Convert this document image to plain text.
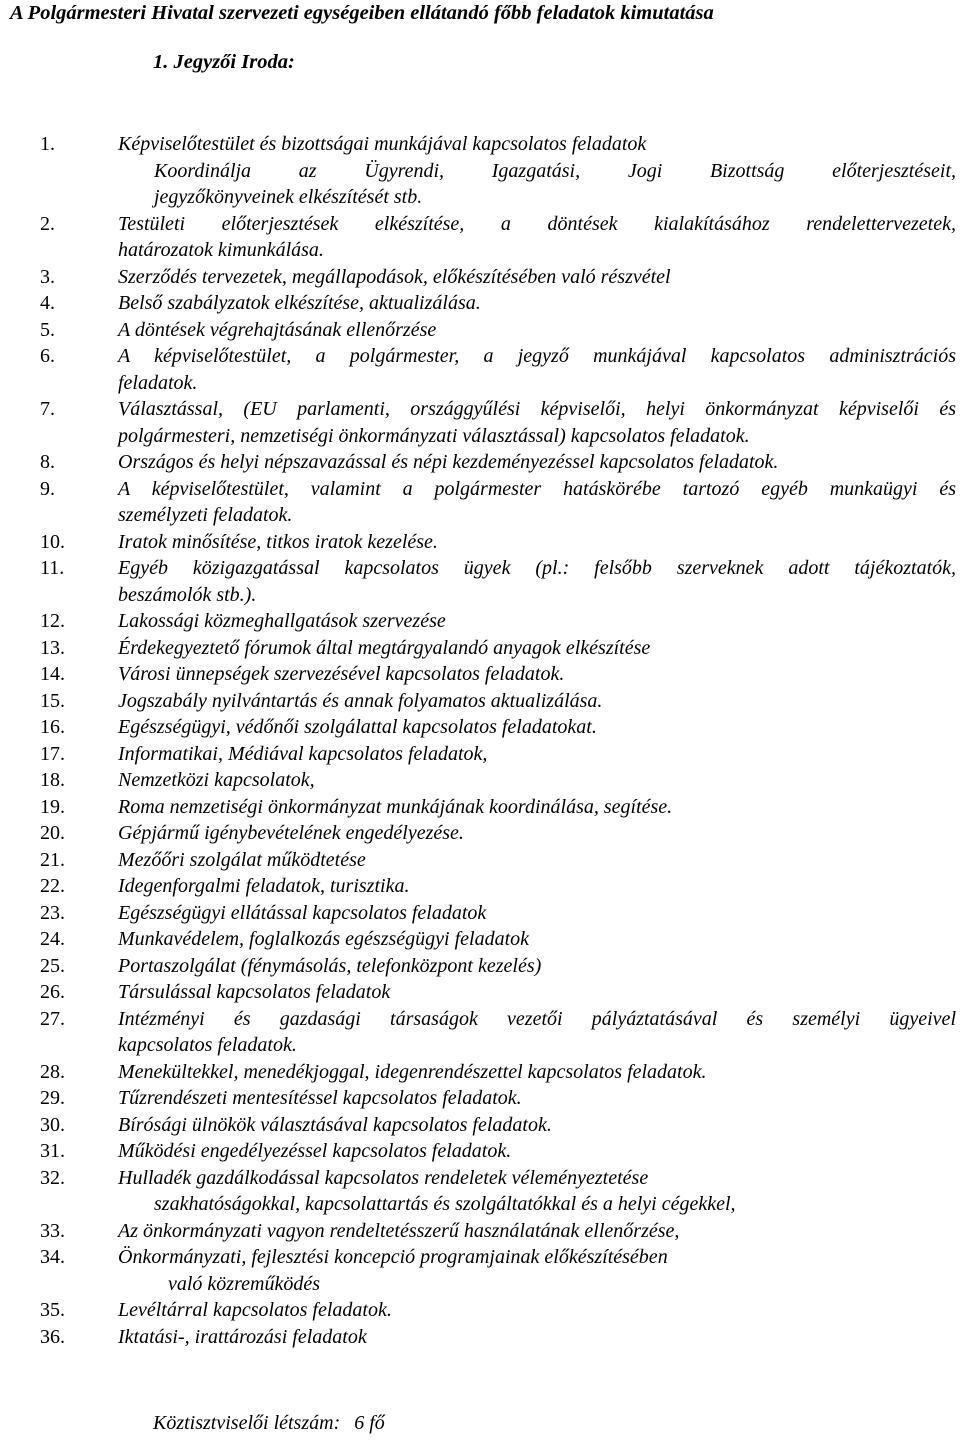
A Polgármesteri Hivatal szervezeti egységeiben ellátandó főbb feladatok kimutatása
1. Jegyzői Iroda:
1.	Képviselőtestület és bizottságai munkájával kapcsolatos feladatok
Koordinálja az Ügyrendi, Igazgatási, Jogi Bizottság előterjesztéseit,
jegyzőkönyveinek elkészítését stb.
2.	Testületi előterjesztések elkészítése, a döntések kialakításához rendelettervezetek,
határozatok kimunkálása.
3.	Szerződés tervezetek, megállapodások, előkészítésében való részvétel
4.	Belső szabályzatok elkészítése, aktualizálása.
5.	A döntések végrehajtásának ellenőrzése
6.	A képviselőtestület, a polgármester, a jegyző munkájával kapcsolatos adminisztrációs
feladatok.
7.	Választással, (EU parlamenti, országgyűlési képviselői, helyi önkormányzat képviselői és
polgármesteri, nemzetiségi önkormányzati választással) kapcsolatos feladatok.
8.	Országos és helyi népszavazással és népi kezdeményezéssel kapcsolatos feladatok.
9.	A képviselőtestület, valamint a polgármester hatáskörébe tartozó egyéb munkaügyi és
személyzeti feladatok.
10.	Iratok minősítése, titkos iratok kezelése.
11.	Egyéb közigazgatással kapcsolatos ügyek (pl.: felsőbb szerveknek adott tájékoztatók,
beszámolók stb.).
12.	Lakossági közmeghallgatások szervezése
13.	Érdekegyeztető fórumok által megtárgyalandó anyagok elkészítése
14.	Városi ünnepségek szervezésével kapcsolatos feladatok.
15.	Jogszabály nyilvántartás és annak folyamatos aktualizálása.
16.	Egészségügyi, védőnői szolgálattal kapcsolatos feladatokat.
17.	Informatikai, Médiával kapcsolatos feladatok,
18.	Nemzetközi kapcsolatok,
19.	Roma nemzetiségi önkormányzat munkájának koordinálása, segítése.
20.	Gépjármű igénybevételének engedélyezése.
21.	Mezőőri szolgálat működtetése
22.	Idegenforgalmi feladatok, turisztika.
23.	Egészségügyi ellátással kapcsolatos feladatok
24.	Munkavédelem, foglalkozás egészségügyi feladatok
25.	Portaszolgálat (fénymásolás, telefonközpont kezelés)
26.	Társulással kapcsolatos feladatok
27.	Intézményi és gazdasági társaságok vezetői pályáztatásával és személyi ügyeivel
kapcsolatos feladatok.
28.	Menekültekkel, menedékjoggal, idegenrendészettel kapcsolatos feladatok.
29.	Tűzrendészeti mentesítéssel kapcsolatos feladatok.
30.	Bírósági ülnökök választásával kapcsolatos feladatok.
31.	Működési engedélyezéssel kapcsolatos feladatok.
32.	Hulladék gazdálkodással kapcsolatos rendeletek véleményeztetése
szakhatóságokkal, kapcsolattartás és szolgáltatókkal és a helyi cégekkel,
33.	Az önkormányzati vagyon rendeltetésszerű használatának ellenőrzése,
34.	Önkormányzati, fejlesztési koncepció programjainak előkészítésében
való közreműködés
35.	Levéltárral kapcsolatos feladatok.
36.	Iktatási-, irattározási feladatok
Köztisztviselői létszám: 6 fő
